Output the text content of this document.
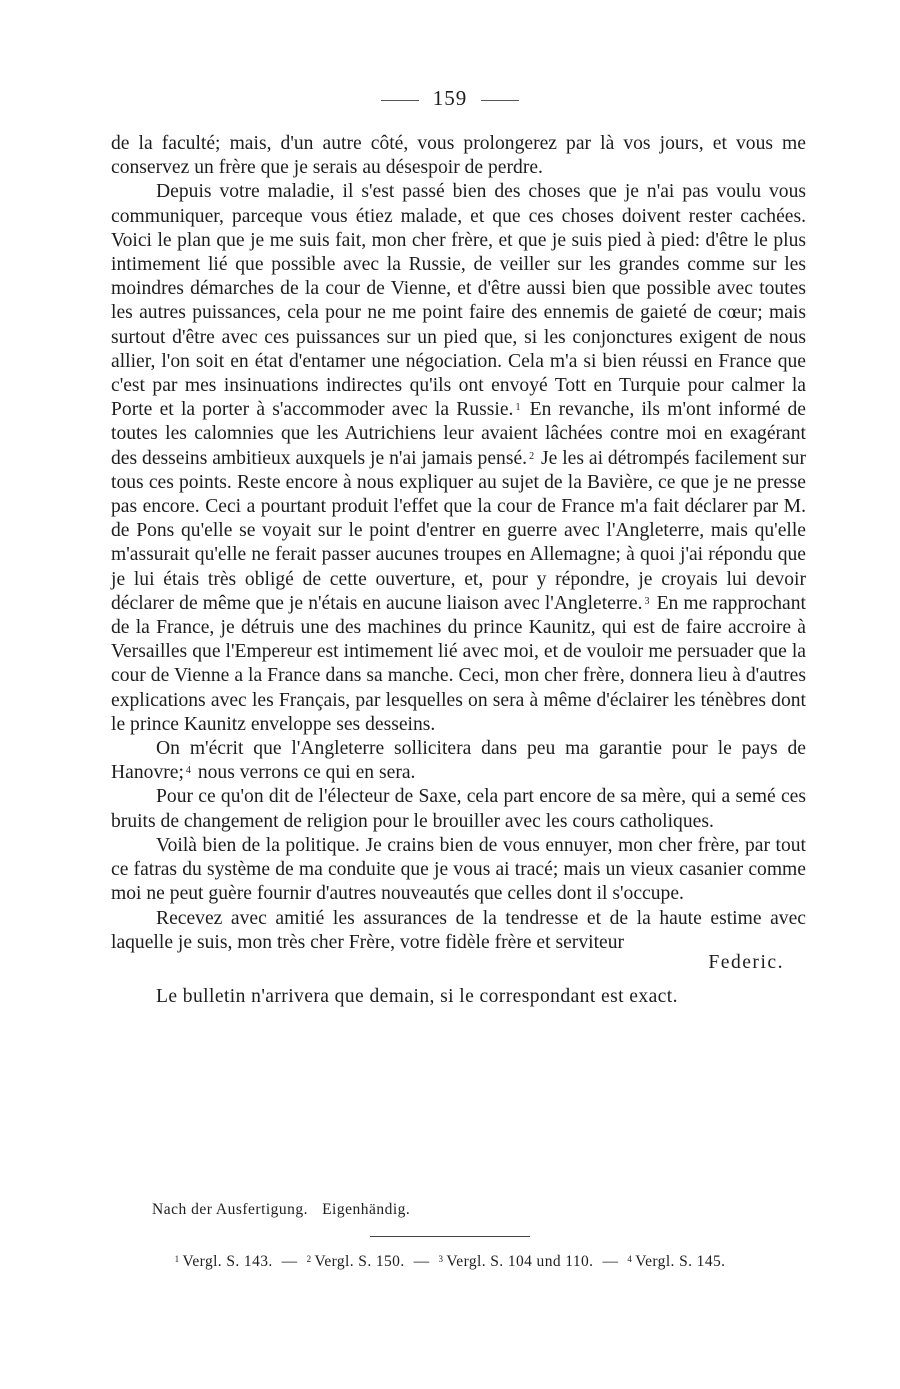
159

de la faculté; mais, d'un autre côté, vous prolongerez par là vos jours, et vous me conservez un frère que je serais au désespoir de perdre.

Depuis votre maladie, il s'est passé bien des choses que je n'ai pas voulu vous communiquer, parceque vous étiez malade, et que ces choses doivent rester cachées. Voici le plan que je me suis fait, mon cher frère, et que je suis pied à pied: d'être le plus intimement lié que possible avec la Russie, de veiller sur les grandes comme sur les moindres démarches de la cour de Vienne, et d'être aussi bien que possible avec toutes les autres puissances, cela pour ne me point faire des ennemis de gaieté de cœur; mais surtout d'être avec ces puissances sur un pied que, si les conjonctures exigent de nous allier, l'on soit en état d'entamer une négociation. Cela m'a si bien réussi en France que c'est par mes insinuations indirectes qu'ils ont envoyé Tott en Turquie pour calmer la Porte et la porter à s'accommoder avec la Russie. $^1$ En revanche, ils m'ont informé de toutes les calomnies que les Autrichiens leur avaient lâchées contre moi en exagérant des desseins ambitieux auxquels je n'ai jamais pensé. $^2$ Je les ai détrompés facilement sur tous ces points. Reste encore à nous expliquer au sujet de la Bavière, ce que je ne presse pas encore. Ceci a pourtant produit l'effet que la cour de France m'a fait déclarer par M. de Pons qu'elle se voyait sur le point d'entrer en guerre avec l'Angleterre, mais qu'elle m'assurait qu'elle ne ferait passer aucunes troupes en Allemagne; à quoi j'ai répondu que je lui étais très obligé de cette ouverture, et, pour y répondre, je croyais lui devoir déclarer de même que je n'étais en aucune liaison avec l'Angleterre. $^3$ En me rapprochant de la France, je détruis une des machines du prince Kaunitz, qui est de faire accroire à Versailles que l'Empereur est intimement lié avec moi, et de vouloir me persuader que la cour de Vienne a la France dans sa manche. Ceci, mon cher frère, donnera lieu à d'autres explications avec les Français, par lesquelles on sera à même d'éclairer les ténèbres dont le prince Kaunitz enveloppe ses desseins.

On m'écrit que l'Angleterre sollicitera dans peu ma garantie pour le pays de Hanovre; $^4$ nous verrons ce qui en sera.

Pour ce qu'on dit de l'électeur de Saxe, cela part encore de sa mère, qui a semé ces bruits de changement de religion pour le brouiller avec les cours catholiques.

Voilà bien de la politique. Je crains bien de vous ennuyer, mon cher frère, par tout ce fatras du système de ma conduite que je vous ai tracé; mais un vieux casanier comme moi ne peut guère fournir d'autres nouveautés que celles dont il s'occupe.

Recevez avec amitié les assurances de la tendresse et de la haute estime avec laquelle je suis, mon très cher Frère, votre fidèle frère et serviteur

Federic.

Le bulletin n'arrivera que demain, si le correspondant est exact.

Nach der Ausfertigung. Eigenhändig.
$^1$ Vergl. S. 143. — $^2$ Vergl. S. 150. — $^3$ Vergl. S. 104 und 110. — $^4$ Vergl. S. 145.
